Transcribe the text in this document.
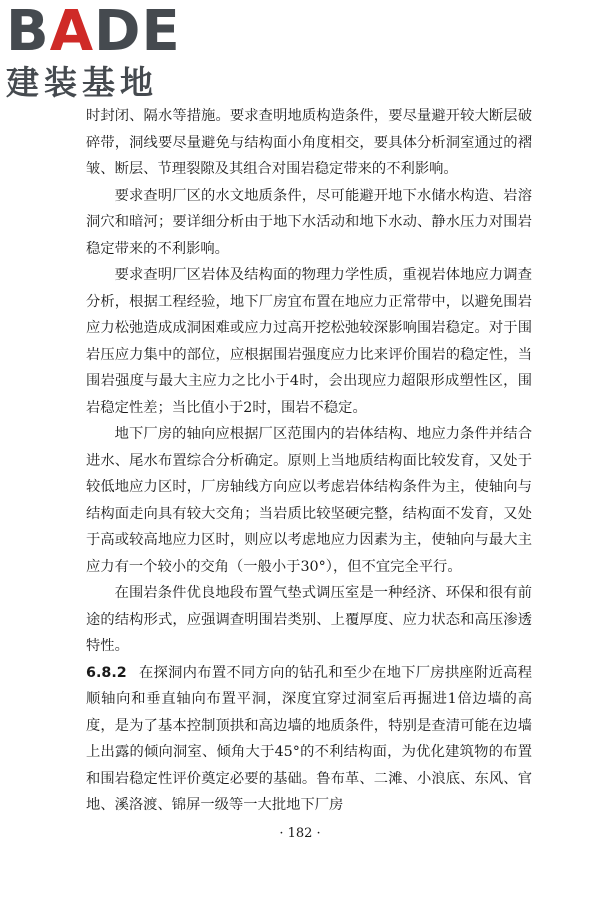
B A D E
建装基地

时封闭、隔水等措施。要求查明地质构造条件，要尽量避开较大断层破碎带，洞线要尽量避免与结构面小角度相交，要具体分析洞室通过的褶皱、断层、节理裂隙及其组合对围岩稳定带来的不利影响。

要求查明厂区的水文地质条件，尽可能避开地下水储水构造、岩溶洞穴和暗河；要详细分析由于地下水活动和地下水动、静水压力对围岩稳定带来的不利影响。

要求查明厂区岩体及结构面的物理力学性质，重视岩体地应力调查分析，根据工程经验，地下厂房宜布置在地应力正常带中，以避免围岩应力松弛造成成洞困难或应力过高开挖松弛较深影响围岩稳定。对于围岩压应力集中的部位，应根据围岩强度应力比来评价围岩的稳定性，当围岩强度与最大主应力之比小于4时，会出现应力超限形成塑性区，围岩稳定性差；当比值小于2时，围岩不稳定。

地下厂房的轴向应根据厂区范围内的岩体结构、地应力条件并结合进水、尾水布置综合分析确定。原则上当地质结构面比较发育，又处于较低地应力区时，厂房轴线方向应以考虑岩体结构条件为主，使轴向与结构面走向具有较大交角；当岩质比较坚硬完整，结构面不发育，又处于高或较高地应力区时，则应以考虑地应力因素为主，使轴向与最大主应力有一个较小的交角（一般小于30°），但不宜完全平行。

在围岩条件优良地段布置气垫式调压室是一种经济、环保和很有前途的结构形式，应强调查明围岩类别、上覆厚度、应力状态和高压渗透特性。

6.8.2 在探洞内布置不同方向的钻孔和至少在地下厂房拱座附近高程顺轴向和垂直轴向布置平洞，深度宜穿过洞室后再掘进1倍边墙的高度，是为了基本控制顶拱和高边墙的地质条件，特别是查清可能在边墙上出露的倾向洞室、倾角大于45°的不利结构面，为优化建筑物的布置和围岩稳定性评价奠定必要的基础。鲁布革、二滩、小浪底、东风、官地、溪洛渡、锦屏一级等一大批地下厂房

· 182 ·
